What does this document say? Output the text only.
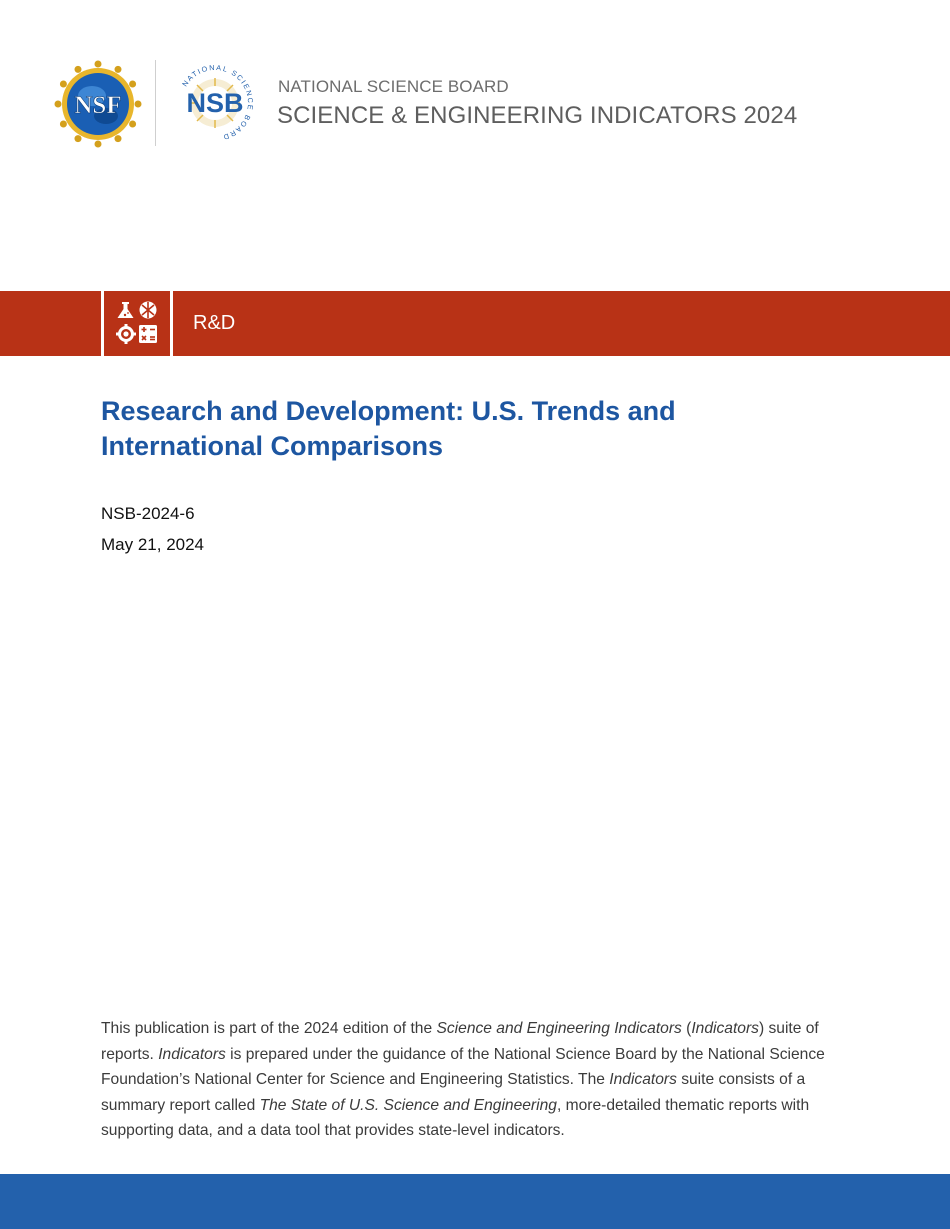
NSF
NATIONAL SCIENCE BOARD
NSB
NATIONAL SCIENCE BOARD
SCIENCE & ENGINEERING INDICATORS 2024
R&D
Research and Development: U.S. Trends and International Comparisons
NSB-2024-6
May 21, 2024

This publication is part of the 2024 edition of the Science and Engineering Indicators (Indicators) suite of reports. Indicators is prepared under the guidance of the National Science Board by the National Science Foundation’s National Center for Science and Engineering Statistics. The Indicators suite consists of a summary report called The State of U.S. Science and Engineering, more-detailed thematic reports with supporting data, and a data tool that provides state-level indicators.
